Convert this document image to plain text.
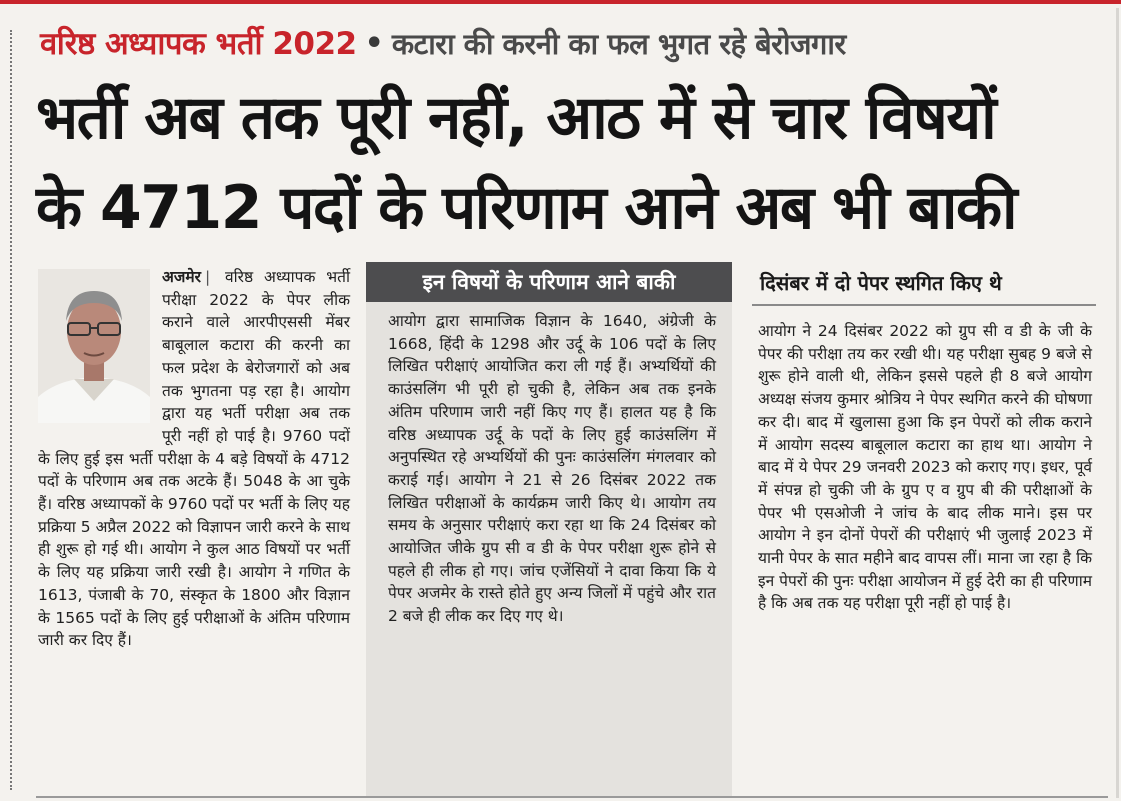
वरिष्ठ अध्यापक भर्ती 2022 • कटारा की करनी का फल भुगत रहे बेरोजगार
भर्ती अब तक पूरी नहीं, आठ में से चार विषयों
के 4712 पदों के परिणाम आने अब भी बाकी

अजमेर | वरिष्ठ अध्यापक भर्ती परीक्षा 2022 के पेपर लीक कराने वाले आरपीएससी मेंबर बाबूलाल कटारा की करनी का फल प्रदेश के बेरोजगारों को अब तक भुगतना पड़ रहा है। आयोग द्वारा यह भर्ती परीक्षा अब तक पूरी नहीं हो पाई है। 9760 पदों के लिए हुई इस भर्ती परीक्षा के 4 बड़े विषयों के 4712 पदों के परिणाम अब तक अटके हैं। 5048 के आ चुके हैं। वरिष्ठ अध्यापकों के 9760 पदों पर भर्ती के लिए यह प्रक्रिया 5 अप्रैल 2022 को विज्ञापन जारी करने के साथ ही शुरू हो गई थी। आयोग ने कुल आठ विषयों पर भर्ती के लिए यह प्रक्रिया जारी रखी है। आयोग ने गणित के 1613, पंजाबी के 70, संस्कृत के 1800 और विज्ञान के 1565 पदों के लिए हुई परीक्षाओं के अंतिम परिणाम जारी कर दिए हैं।

इन विषयों के परिणाम आने बाकी

आयोग द्वारा सामाजिक विज्ञान के 1640, अंग्रेजी के 1668, हिंदी के 1298 और उर्दू के 106 पदों के लिए लिखित परीक्षाएं आयोजित करा ली गई हैं। अभ्यर्थियों की काउंसलिंग भी पूरी हो चुकी है, लेकिन अब तक इनके अंतिम परिणाम जारी नहीं किए गए हैं। हालत यह है कि वरिष्ठ अध्यापक उर्दू के पदों के लिए हुई काउंसलिंग में अनुपस्थित रहे अभ्यर्थियों की पुनः काउंसलिंग मंगलवार को कराई गई। आयोग ने 21 से 26 दिसंबर 2022 तक लिखित परीक्षाओं के कार्यक्रम जारी किए थे। आयोग तय समय के अनुसार परीक्षाएं करा रहा था कि 24 दिसंबर को आयोजित जीके ग्रुप सी व डी के पेपर परीक्षा शुरू होने से पहले ही लीक हो गए। जांच एजेंसियों ने दावा किया कि ये पेपर अजमेर के रास्ते होते हुए अन्य जिलों में पहुंचे और रात 2 बजे ही लीक कर दिए गए थे।

दिसंबर में दो पेपर स्थगित किए थे

आयोग ने 24 दिसंबर 2022 को ग्रुप सी व डी के जी के पेपर की परीक्षा तय कर रखी थी। यह परीक्षा सुबह 9 बजे से शुरू होने वाली थी, लेकिन इससे पहले ही 8 बजे आयोग अध्यक्ष संजय कुमार श्रोत्रिय ने पेपर स्थगित करने की घोषणा कर दी। बाद में खुलासा हुआ कि इन पेपरों को लीक कराने में आयोग सदस्य बाबूलाल कटारा का हाथ था। आयोग ने बाद में ये पेपर 29 जनवरी 2023 को कराए गए। इधर, पूर्व में संपन्न हो चुकी जी के ग्रुप ए व ग्रुप बी की परीक्षाओं के पेपर भी एसओजी ने जांच के बाद लीक माने। इस पर आयोग ने इन दोनों पेपरों की परीक्षाएं भी जुलाई 2023 में यानी पेपर के सात महीने बाद वापस लीं। माना जा रहा है कि इन पेपरों की पुनः परीक्षा आयोजन में हुई देरी का ही परिणाम है कि अब तक यह परीक्षा पूरी नहीं हो पाई है।
